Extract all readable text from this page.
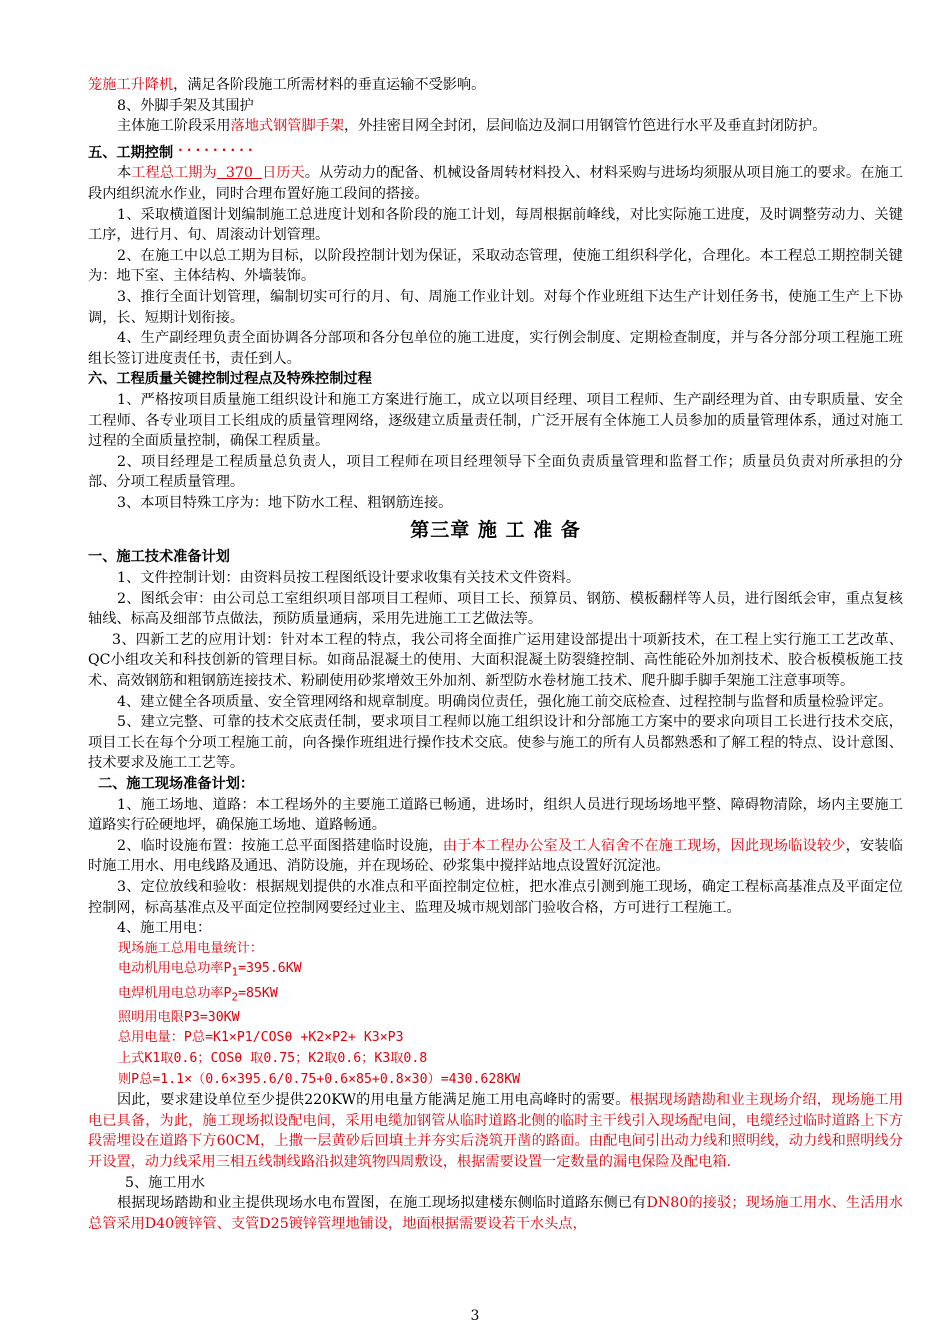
笼施工升降机，满足各阶段施工所需材料的垂直运输不受影响。

8、外脚手架及其围护

主体施工阶段采用落地式钢管脚手架，外挂密目网全封闭，层间临边及洞口用钢管竹笆进行水平及垂直封闭防护。

五、工期控制 . . . . . . . . .

本工程总工期为  370  日历天。从劳动力的配备、机械设备周转材料投入、材料采购与进场均须服从项目施工的要求。在施工段内组织流水作业，同时合理布置好施工段间的搭接。

1、采取横道图计划编制施工总进度计划和各阶段的施工计划，每周根据前峰线，对比实际施工进度，及时调整劳动力、关键工序，进行月、旬、周滚动计划管理。

2、在施工中以总工期为目标，以阶段控制计划为保证，采取动态管理，使施工组织科学化，合理化。本工程总工期控制关键为：地下室、主体结构、外墙装饰。

3、推行全面计划管理，编制切实可行的月、旬、周施工作业计划。对每个作业班组下达生产计划任务书，使施工生产上下协调，长、短期计划衔接。

4、生产副经理负责全面协调各分部项和各分包单位的施工进度，实行例会制度、定期检查制度，并与各分部分项工程施工班组长签订进度责任书，责任到人。

六、工程质量关键控制过程点及特殊控制过程

1、严格按项目质量施工组织设计和施工方案进行施工，成立以项目经理、项目工程师、生产副经理为首、由专职质量、安全工程师、各专业项目工长组成的质量管理网络，逐级建立质量责任制，广泛开展有全体施工人员参加的质量管理体系，通过对施工过程的全面质量控制，确保工程质量。

2、项目经理是工程质量总负责人，项目工程师在项目经理领导下全面负责质量管理和监督工作；质量员负责对所承担的分部、分项工程质量管理。

3、本项目特殊工序为：地下防水工程、粗钢筋连接。

第三章 施 工 准 备

一、施工技术准备计划

1、文件控制计划：由资料员按工程图纸设计要求收集有关技术文件资料。

2、图纸会审：由公司总工室组织项目部项目工程师、项目工长、预算员、钢筋、模板翻样等人员，进行图纸会审，重点复核轴线、标高及细部节点做法，预防质量通病，采用先进施工工艺做法等。

3、四新工艺的应用计划：针对本工程的特点，我公司将全面推广运用建设部提出十项新技术，在工程上实行施工工艺改革、QC小组攻关和科技创新的管理目标。如商品混凝土的使用、大面积混凝土防裂缝控制、高性能砼外加剂技术、胶合板模板施工技术、高效钢筋和粗钢筋连接技术、粉刷使用砂浆增效王外加剂、新型防水卷材施工技术、爬升脚手脚手架施工注意事项等。

4、建立健全各项质量、安全管理网络和规章制度。明确岗位责任，强化施工前交底检查、过程控制与监督和质量检验评定。

5、建立完整、可靠的技术交底责任制，要求项目工程师以施工组织设计和分部施工方案中的要求向项目工长进行技术交底，项目工长在每个分项工程施工前，向各操作班组进行操作技术交底。使参与施工的所有人员都熟悉和了解工程的特点、设计意图、技术要求及施工工艺等。

二、施工现场准备计划：

1、施工场地、道路：本工程场外的主要施工道路已畅通，进场时，组织人员进行现场场地平整、障碍物清除，场内主要施工道路实行砼硬地坪，确保施工场地、道路畅通。

2、临时设施布置：按施工总平面图搭建临时设施，由于本工程办公室及工人宿舍不在施工现场，因此现场临设较少，安装临时施工用水、用电线路及通迅、消防设施，并在现场砼、砂浆集中搅拌站地点设置好沉淀池。

3、定位放线和验收：根据规划提供的水准点和平面控制定位桩，把水准点引测到施工现场，确定工程标高基准点及平面定位控制网，标高基准点及平面定位控制网要经过业主、监理及城市规划部门验收合格，方可进行工程施工。

4、施工用电：

现场施工总用电量统计：

电动机用电总功率$P_1=395.6KW$

电焊机用电总功率$P_2=85KW$

照明用电限P3=30KW

总用电量：P总=K1×P1/COSθ +K2×P2+ K3×P3

上式K1取0.6；COSθ 取0.75；K2取0.6；K3取0.8

则P总=1.1×（0.6×395.6/0.75+0.6×85+0.8×30）=430.628KW

因此，要求建设单位至少提供220KW的用电量方能满足施工用电高峰时的需要。根据现场踏勘和业主现场介绍，现场施工用电已具备，为此，施工现场拟设配电间，采用电缆加钢管从临时道路北侧的临时主干线引入现场配电间，电缆经过临时道路上下方段需埋设在道路下方60CM，上撒一层黄砂后回填土并夯实后浇筑开凿的路面。由配电间引出动力线和照明线，动力线和照明线分开设置，动力线采用三相五线制线路沿拟建筑物四周敷设，根据需要设置一定数量的漏电保险及配电箱.

5、施工用水

根据现场踏勘和业主提供现场水电布置图，在施工现场拟建楼东侧临时道路东侧已有DN80的接驳；现场施工用水、生活用水总管采用D40镀锌管、支管D25镀锌管埋地铺设，地面根据需要设若干水头点，

3
